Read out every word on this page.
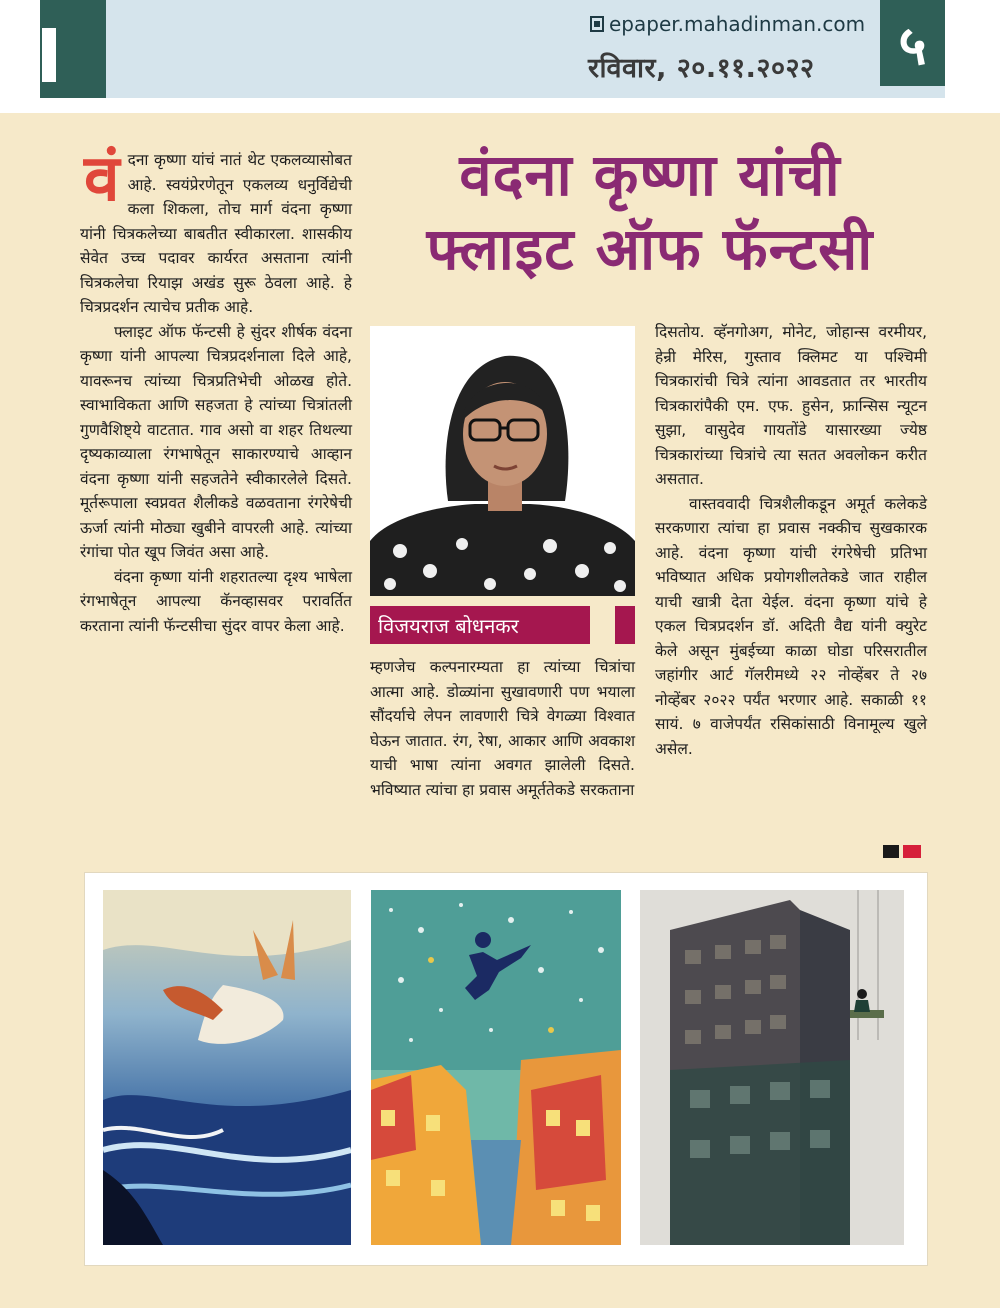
epaper.mahadinman.com
रविवार, २०.११.२०२२	५
वंदना कृष्णा यांची
फ्लाइट ऑफ फॅन्टसी
वं दना कृष्णा यांचं नातं थेट एकलव्यासोबत आहे. स्वयंप्रेरणेतून एकलव्य धनुर्विद्येची कला शिकला, तोच मार्ग वंदना कृष्णा यांनी चित्रकलेच्या बाबतीत स्वीकारला. शासकीय सेवेत उच्च पदावर कार्यरत असताना त्यांनी चित्रकलेचा रियाझ अखंड सुरू ठेवला आहे. हे चित्रप्रदर्शन त्याचेच प्रतीक आहे.

फ्लाइट ऑफ फॅन्टसी हे सुंदर शीर्षक वंदना कृष्णा यांनी आपल्या चित्रप्रदर्शनाला दिले आहे, यावरूनच त्यांच्या चित्रप्रतिभेची ओळख होते. स्वाभाविकता आणि सहजता हे त्यांच्या चित्रांतली गुणवैशिष्ट्ये वाटतात. गाव असो वा शहर तिथल्या दृष्यकाव्याला रंगभाषेतून साकारण्याचे आव्हान वंदना कृष्णा यांनी सहजतेने स्वीकारलेले दिसते. मूर्तरूपाला स्वप्नवत शैलीकडे वळवताना रंगरेषेची ऊर्जा त्यांनी मोठ्या खुबीने वापरली आहे. त्यांच्या रंगांचा पोत खूप जिवंत असा आहे.

वंदना कृष्णा यांनी शहरातल्या दृश्य भाषेला रंगभाषेतून आपल्या कॅनव्हासवर परावर्तित करताना त्यांनी फॅन्टसीचा सुंदर वापर केला आहे.	विजयराज बोधनकर

म्हणजेच कल्पनारम्यता हा त्यांच्या चित्रांचा आत्मा आहे. डोळ्यांना सुखावणारी पण भयाला सौंदर्याचे लेपन लावणारी चित्रे वेगळ्या विश्वात घेऊन जातात. रंग, रेषा, आकार आणि अवकाश याची भाषा त्यांना अवगत झालेली दिसते. भविष्यात त्यांचा हा प्रवास अमूर्ततेकडे सरकताना

दिसतोय. व्हॅनगोअग, मोनेट, जोहान्स वरमीयर, हेन्री मेरिस, गुस्ताव क्लिमट या पश्चिमी चित्रकारांची चित्रे त्यांना आवडतात तर भारतीय चित्रकारांपैकी एम. एफ. हुसेन, फ्रान्सिस न्यूटन सुझा, वासुदेव गायतोंडे यासारख्या ज्येष्ठ चित्रकारांच्या चित्रांचे त्या सतत अवलोकन करीत असतात.

वास्तववादी चित्रशैलीकडून अमूर्त कलेकडे सरकणारा त्यांचा हा प्रवास नक्कीच सुखकारक आहे. वंदना कृष्णा यांची रंगरेषेची प्रतिभा भविष्यात अधिक प्रयोगशीलतेकडे जात राहील याची खात्री देता येईल. वंदना कृष्णा यांचे हे एकल चित्रप्रदर्शन डॉ. अदिती वैद्य यांनी क्युरेट केले असून मुंबईच्या काळा घोडा परिसरातील जहांगीर आर्ट गॅलरीमध्ये २२ नोव्हेंबर ते २७ नोव्हेंबर २०२२ पर्यंत भरणार आहे. सकाळी ११ सायं. ७ वाजेपर्यंत रसिकांसाठी विनामूल्य खुले असेल.
